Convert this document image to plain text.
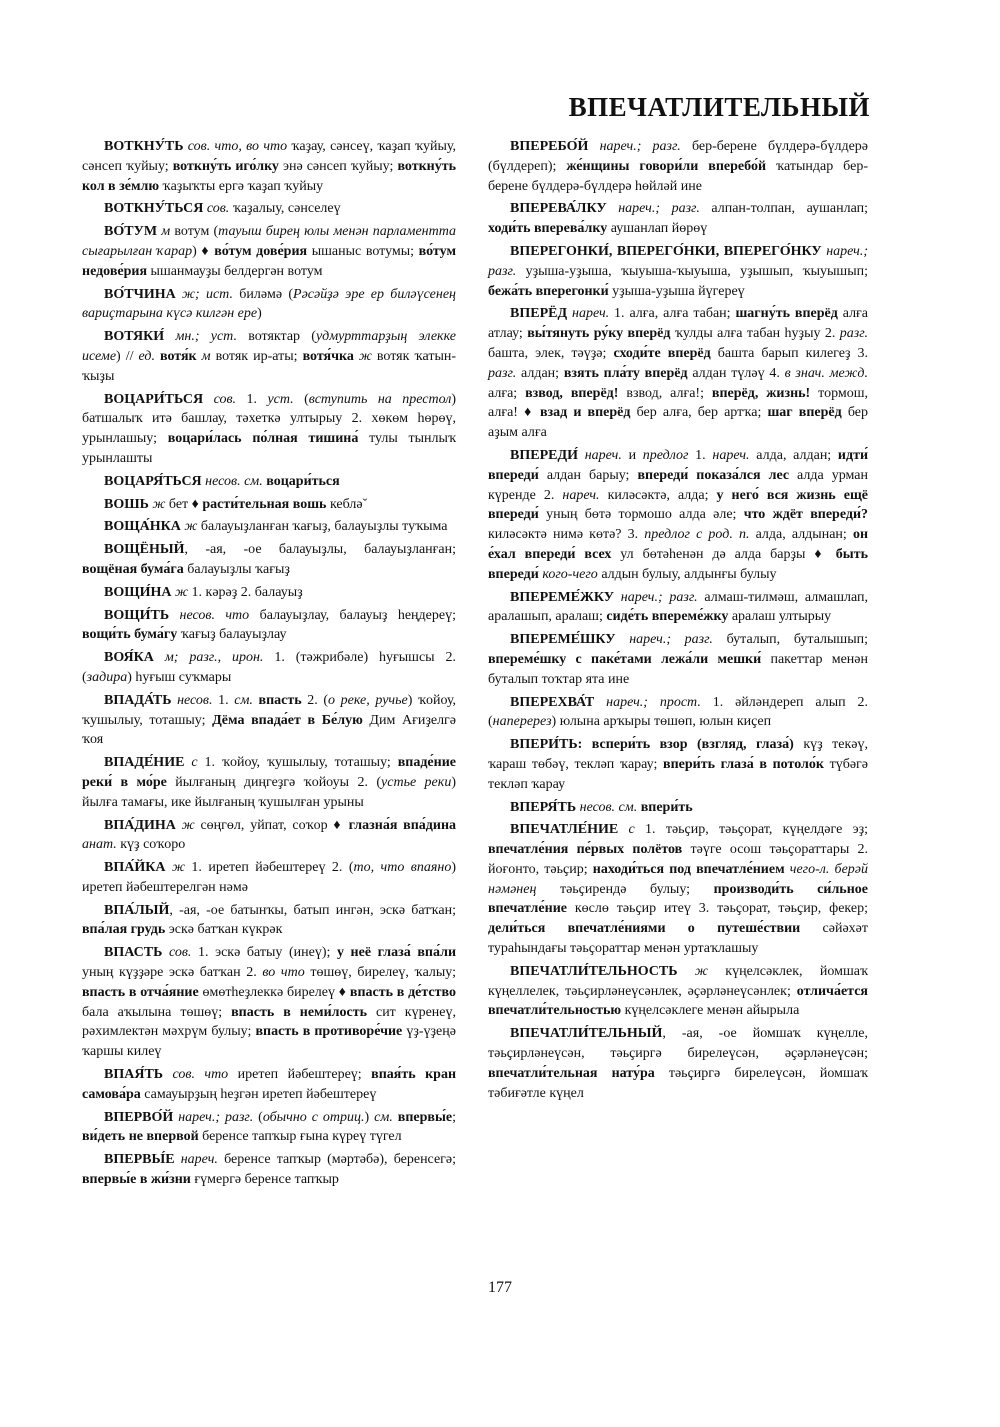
ВПЕЧАТЛИТЕЛЬНЫЙ

ВОТКНУ́ТЬ сов. что, во что ҡаҙау, сәнсеү, ҡаҙап ҡуйыу, сәнсеп ҡуйыу; воткну́ть иго́лку энә сәнсеп ҡуйыу; воткну́ть кол в зе́млю ҡаҙыҡты ергә ҡаҙап ҡуйыу

ВОТКНУ́ТЬСЯ сов. ҡаҙалыу, сәнселеү

ВО́ТУМ м вотум (тауыш бирең юлы менән парламентта сығарылған ҡарар) ♦ во́тум дове́рия ышаныс вотумы; во́тум недове́рия ышанмауҙы белдергән вотум

ВО́ТЧИНА ж; ист. биләмә (Рәсәйҙә эре ер биләүсенең вариҫтарына күсә килгән ере)

ВОТЯКИ́ мн.; уст. вотяктар (удмурттарҙың элекке исеме) // ед. вотя́к м вотяк ир-аты; вотя́чка ж вотяк ҡатын-ҡыҙы

ВОЦАРИ́ТЬСЯ сов. 1. уст. (вступить на престол) батшалыҡ итә башлау, тәхеткә ултырыу 2. хөкөм һөрөү, урынлашыу; воцари́лась по́лная тишина́ тулы тынлыҡ урынлашты

ВОЦАРЯ́ТЬСЯ несов. см. воцари́ться

ВОШЬ ж бет ♦ расти́тельная вошь кебләˇ

ВОЩА́НКА ж балауыҙланған ҡағыҙ, балауыҙлы туҡыма

ВОЩЁНЫЙ, -ая, -ое балауыҙлы, балауыҙланған; вощёная бума́га балауыҙлы ҡағыҙ

ВОЩИ́НА ж 1. кәрәҙ 2. балауыҙ

ВОЩИ́ТЬ несов. что балауыҙлау, балауыҙ һеңдереү; вощи́ть бума́гу ҡағыҙ балауыҙлау

ВОЯ́КА м; разг., ирон. 1. (тәжрибәле) һуғышсы 2. (задира) һуғыш суҡмары

ВПАДА́ТЬ несов. 1. см. впасть 2. (о реке, ручье) ҡойоу, ҡушылыу, тоташыу; Дёма впада́ет в Бе́лую Дим Ағиҙелгә ҡоя

ВПАДЕ́НИЕ с 1. ҡойоу, ҡушылыу, тоташыу; впаде́ние реки́ в мо́ре йылғаның диңгеҙгә ҡойоуы 2. (устье реки) йылға тамағы, ике йылғаның ҡушылған урыны

ВПА́ДИНА ж сөңгөл, уйпат, соҡор ♦ глазна́я впа́дина анат. күҙ соҡоро

ВПА́ЙКА ж 1. иретеп йәбештереү 2. (то, что впаяно) иретеп йәбештерелгән нәмә

ВПА́ЛЫЙ, -ая, -ое батынҡы, батып ингән, эскә батҡан; впа́лая грудь эскә батҡан күкрәк

ВПАСТЬ сов. 1. эскә батыу (инеү); у неё глаза́ впа́ли уның күҙҙәре эскә батҡан 2. во что төшөү, бирелеү, ҡалыу; впасть в отча́яние өмөтһеҙлеккә бирелеү ♦ впасть в де́тство бала аҡылына төшөү; впасть в неми́лость сит күренеү, рәхимлектән мәхрүм булыу; впасть в противоре́чие үҙ-үҙеңә ҡаршы килеү

ВПАЯ́ТЬ сов. что иретеп йәбештереү; впая́ть кран самова́ра самауырҙың һеҙгән иретеп йәбештереү

ВПЕРВО́Й нареч.; разг. (обычно с отриц.) см. впервы́е; ви́деть не впервой беренсе тапҡыр ғына күреү түгел

ВПЕРВЫ́Е нареч. беренсе тапҡыр (мәртәбә), беренсегә; впервы́е в жи́зни ғүмергә беренсе тапҡыр

ВПЕРЕБО́Й нареч.; разг. бер-берене бүлдерә-бүлдерә (бүлдереп); же́нщины говори́ли вперебо́й ҡатындар бер-берене бүлдерә-бүлдерә һөйләй ине

ВПЕРЕВА́ЛКУ нареч.; разг. алпан-толпан, аушанлап; ходи́ть вперева́лку аушанлап йөрөү

ВПЕРЕГОНКИ́, ВПЕРЕГО́НКИ, ВПЕРЕГО́НКУ нареч.; разг. уҙыша-уҙыша, ҡыуыша-ҡыуыша, уҙышып, ҡыуышып; бежа́ть вперегонки́ уҙыша-уҙыша йүгереү

ВПЕРЁД нареч. 1. алға, алға табан; шагну́ть вперёд алға атлау; вы́тянуть ру́ку вперёд ҡулды алға табан һуҙыу 2. разг. башта, элек, тәүҙә; сходи́те вперёд башта барып килегеҙ 3. разг. алдан; взять пла́ту вперёд алдан түләү 4. в знач. межд. алға; взвод, вперёд! взвод, алға!; вперёд, жизнь! тормош, алға! ♦ взад и вперёд бер алға, бер артҡа; шаг вперёд бер аҙым алға

ВПЕРЕДИ́ нареч. и предлог 1. нареч. алда, алдан; идти́ впереди́ алдан барыу; впереди́ показа́лся лес алда урман күренде 2. нареч. киләсәктә, алда; у него́ вся жизнь ещё впереди́ уның бөтә тормошо алда әле; что ждёт впереди́? киләсәктә нимә көтә? 3. предлог с род. п. алда, алдынан; он е́хал впереди́ всех ул бөтәһенән дә алда барҙы ♦ быть впереди́ кого-чего алдын булыу, алдынғы булыу

ВПЕРЕМЕ́ЖКУ нареч.; разг. алмаш-тилмәш, алмашлап, аралашып, аралаш; сиде́ть впереме́жку аралаш ултырыу

ВПЕРЕМЕ́ШКУ нареч.; разг. буталып, буталышып; впереме́шку с паке́тами лежа́ли мешки́ пакеттар менән буталып тоҡтар ята ине

ВПЕРЕХВА́Т нареч.; прост. 1. әйләндереп алып 2. (наперерез) юлына арҡыры төшөп, юлын киҫеп

ВПЕРИ́ТЬ: вспери́ть взор (взгляд, глаза́) күҙ текәү, ҡараш төбәү, текләп ҡарау; впери́ть глаза́ в потоло́к түбәгә текләп ҡарау

ВПЕРЯ́ТЬ несов. см. впери́ть

ВПЕЧАТЛЕ́НИЕ с 1. тәьҫир, тәьҫорат, күңелдәге эҙ; впечатле́ния пе́рвых полётов тәүге осош тәьҫораттары 2. йоғонто, тәьҫир; находи́ться под впечатле́нием чего-л. берәй нәмәнең тәьҫирендә булыу; производи́ть си́льное впечатле́ние көслө тәьҫир итеү 3. тәьҫорат, тәьҫир, фекер; дели́ться впечатле́ниями о путеше́ствии сәйәхәт тураһындағы тәьҫораттар менән уртаҡлашыу

ВПЕЧАТЛИ́ТЕЛЬНОСТЬ ж күңелсәклек, йомшаҡ күңеллелек, тәьҫирләнеүсәнлек, әҫәрләнеүсәнлек; отлича́ется впечатли́тельностью күңелсәклеге менән айырыла

ВПЕЧАТЛИ́ТЕЛЬНЫЙ, -ая, -ое йомшаҡ күңелле, тәьҫирләнеүсән, тәьҫиргә бирелеүсән, әҫәрләнеүсән; впечатли́тельная нату́ра тәьҫиргә бирелеүсән, йомшаҡ тәбиғәтле күңел

177
